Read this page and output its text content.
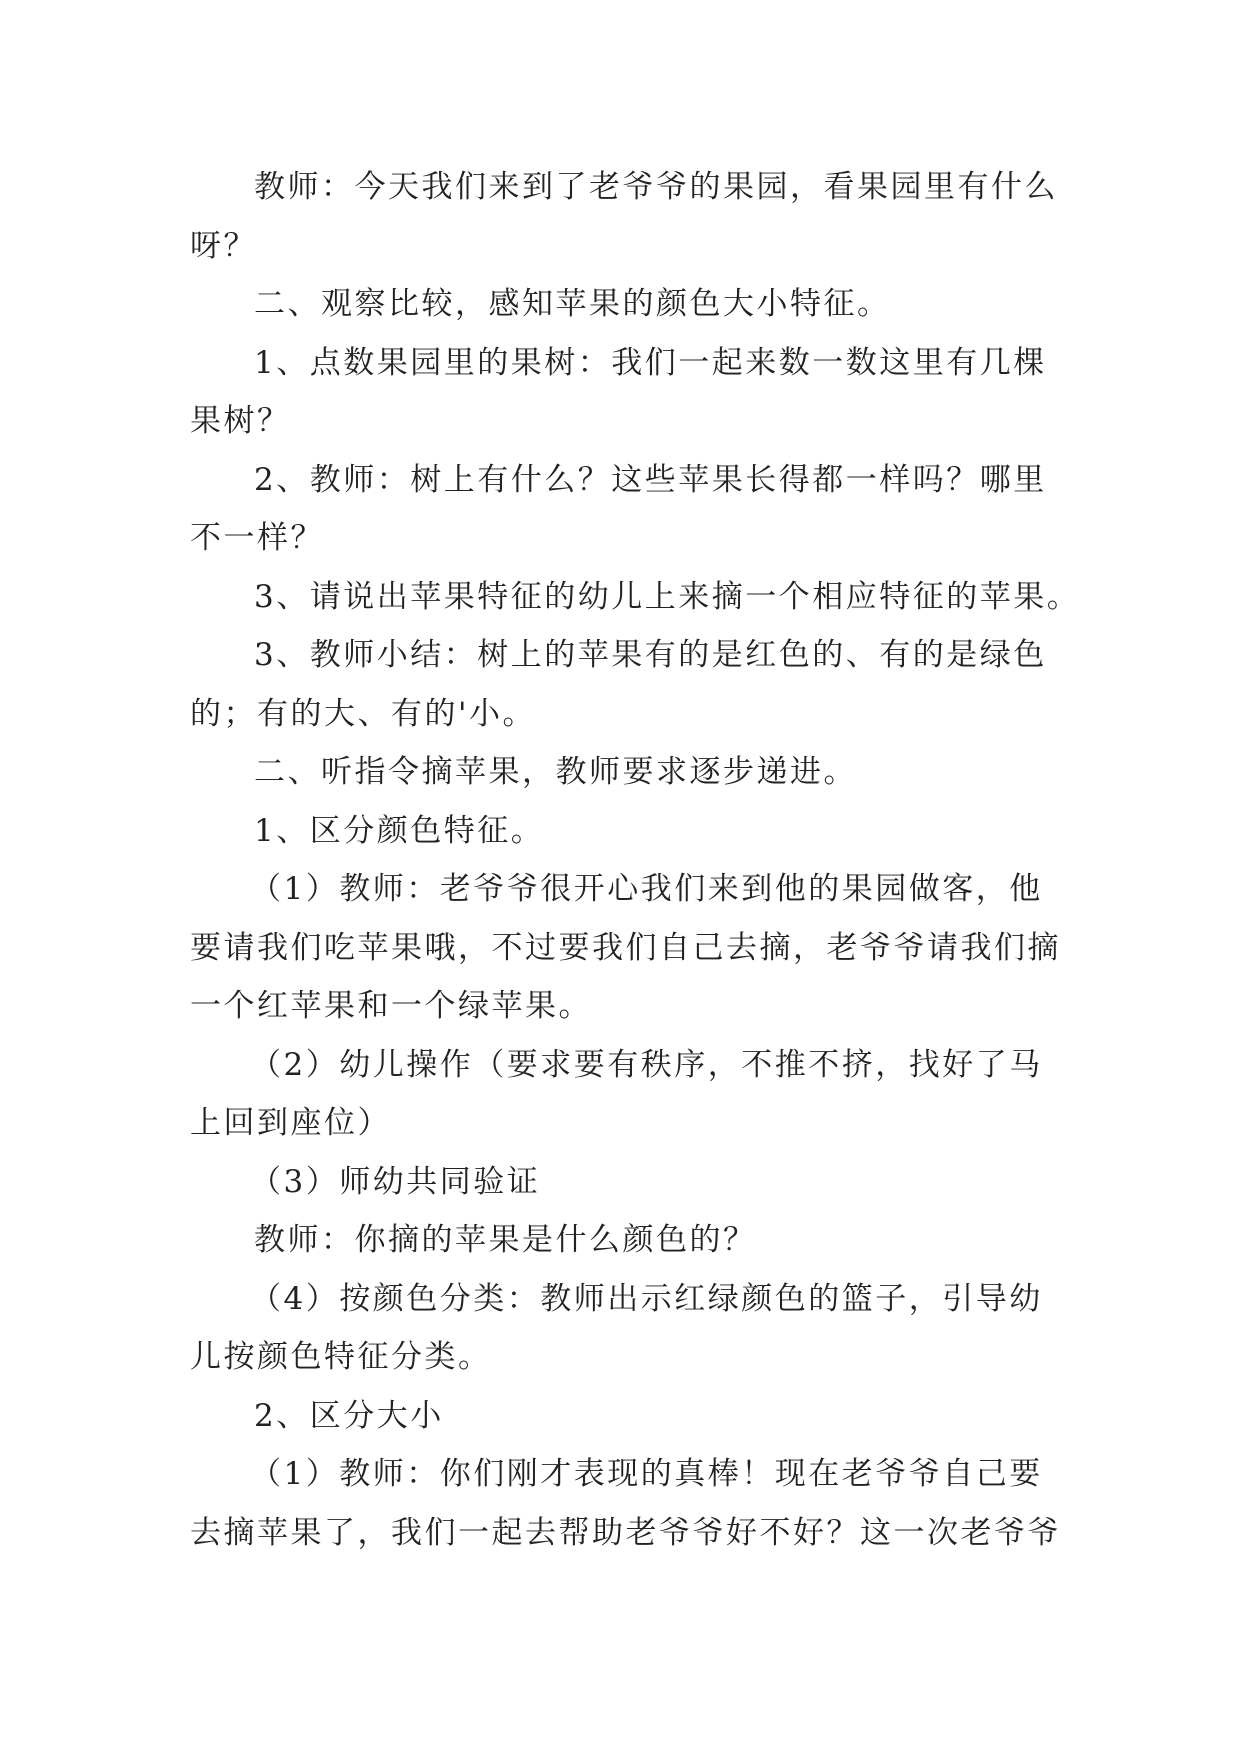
教师：今天我们来到了老爷爷的果园，看果园里有什么
呀？
二、观察比较，感知苹果的颜色大小特征。
1、点数果园里的果树：我们一起来数一数这里有几棵
果树？
2、教师：树上有什么？这些苹果长得都一样吗？哪里
不一样？
3、请说出苹果特征的幼儿上来摘一个相应特征的苹果。
3、教师小结：树上的苹果有的是红色的、有的是绿色
的；有的大、有的'小。
二、听指令摘苹果，教师要求逐步递进。
1、区分颜色特征。
（1）教师：老爷爷很开心我们来到他的果园做客，他
要请我们吃苹果哦，不过要我们自己去摘，老爷爷请我们摘
一个红苹果和一个绿苹果。
（2）幼儿操作（要求要有秩序，不推不挤，找好了马
上回到座位）
（3）师幼共同验证
教师：你摘的苹果是什么颜色的？
（4）按颜色分类：教师出示红绿颜色的篮子，引导幼
儿按颜色特征分类。
2、区分大小
（1）教师：你们刚才表现的真棒！现在老爷爷自己要
去摘苹果了，我们一起去帮助老爷爷好不好？这一次老爷爷
